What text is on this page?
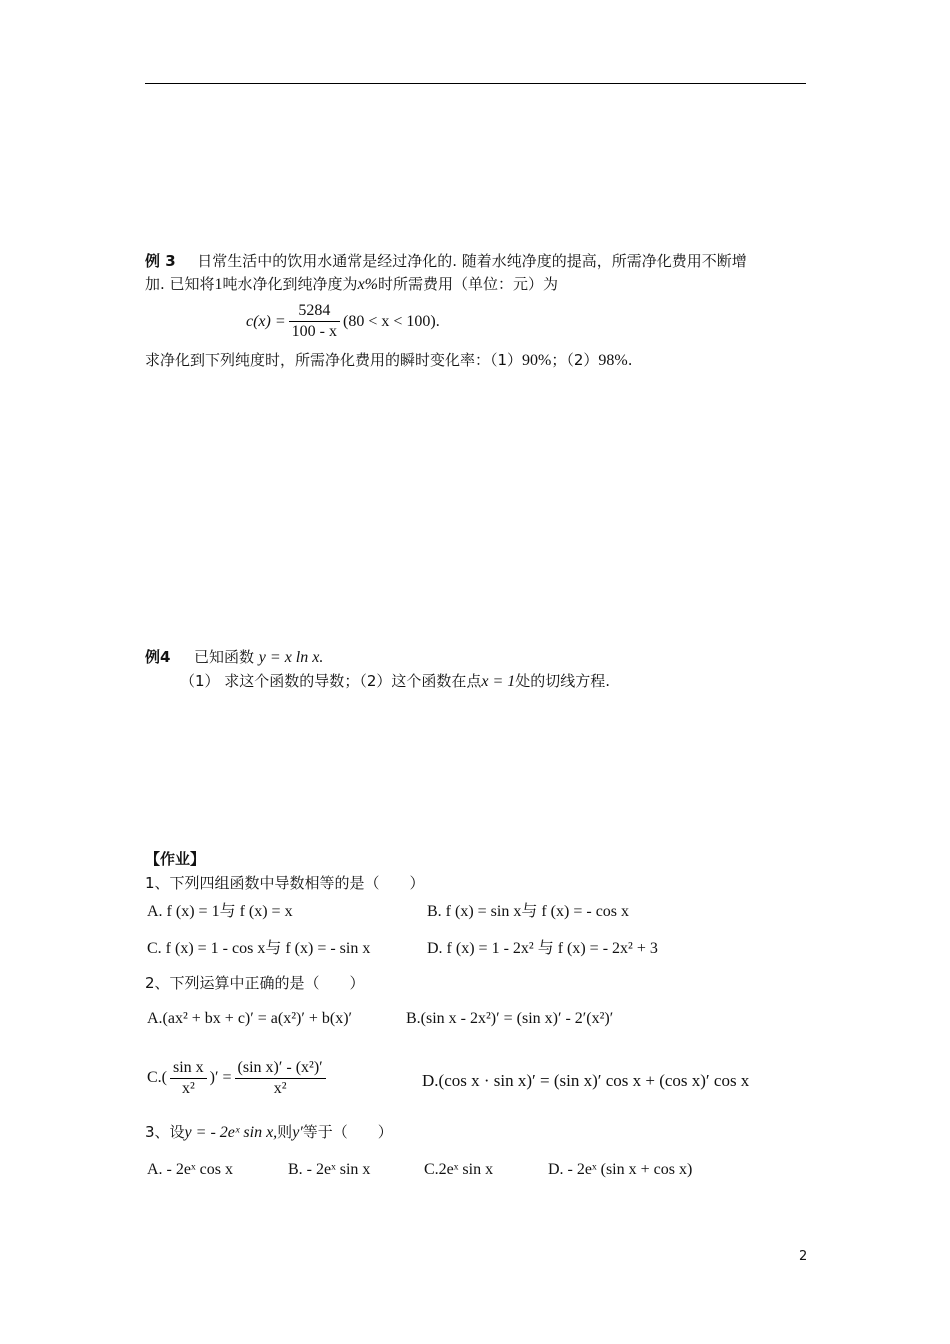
例 3 日常生活中的饮用水通常是经过净化的. 随着水纯净度的提高，所需净化费用不断增
加. 已知将1吨水净化到纯净度为x%时所需费用（单位：元）为
$c(x) = \frac{5284}{100 - x} (80 < x < 100)$.
求净化到下列纯度时，所需净化费用的瞬时变化率：（1）90%；（2）98%.
例4 已知函数 y = x ln x.
（1） 求这个函数的导数；（2）这个函数在点x = 1处的切线方程.
【作业】
1、下列四组函数中导数相等的是（　　）
A. f (x) = 1与 f (x) = x	B. f (x) = sin x与 f (x) = - cos x
C. f (x) = 1 - cos x与 f (x) = - sin x	D. f (x) = 1 - 2x² 与 f (x) = - 2x² + 3
2、下列运算中正确的是（　　）
A.(ax² + bx + c)′ = a(x²)′ + b(x)′	B.(sin x - 2x²)′ = (sin x)′ - 2′(x²)′
$C.( \frac{\text{sin x}}{\text{x²}}$ )′ = $\frac{\text{(sin x)′ - (x²)′}}{\text{x²}}$	D.(cos x · sin x)′ = (sin x)′ cos x + (cos x)′ cos x
3、设y = - 2eˣ sin x,则y′等于（　　）
A. - 2eˣ cos x	B. - 2eˣ sin x	C.2eˣ sin x	D. - 2eˣ (sin x + cos x)
2
